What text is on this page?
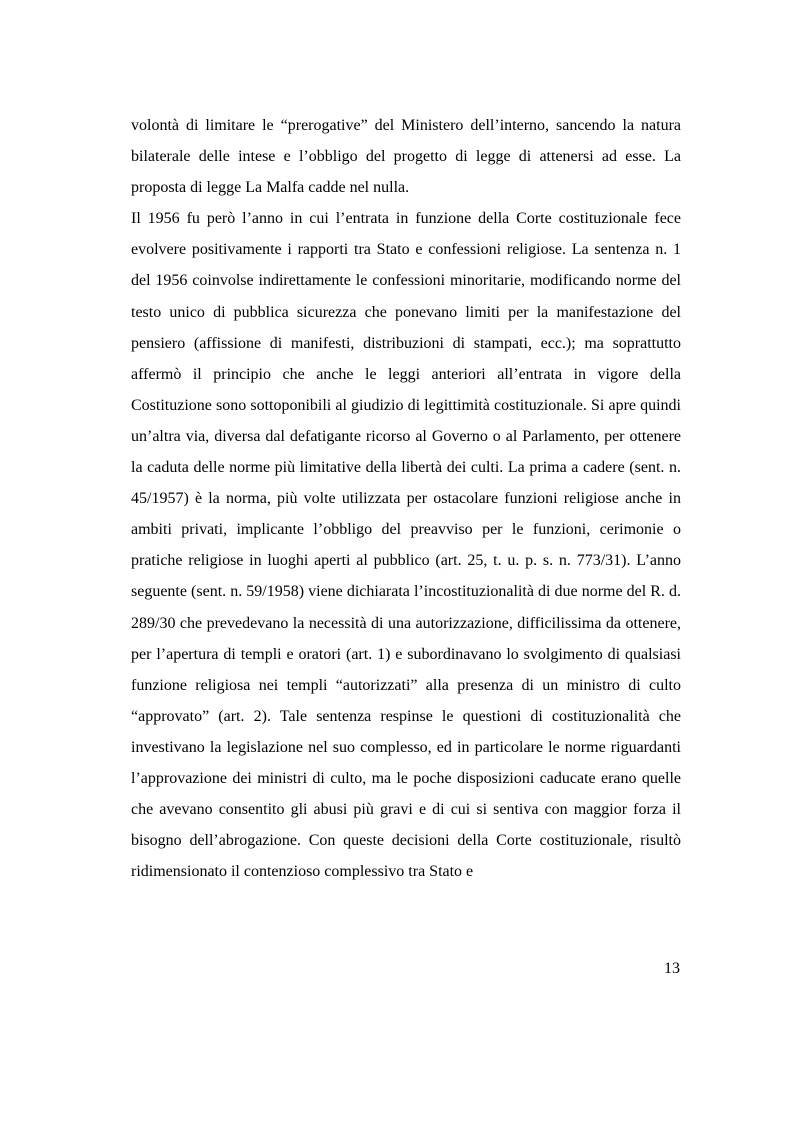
volontà di limitare le “prerogative” del Ministero dell’interno, sancendo la natura bilaterale delle intese e l’obbligo del progetto di legge di attenersi ad esse. La proposta di legge La Malfa cadde nel nulla.

Il 1956 fu però l’anno in cui l’entrata in funzione della Corte costituzionale fece evolvere positivamente i rapporti tra Stato e confessioni religiose. La sentenza n. 1 del 1956 coinvolse indirettamente le confessioni minoritarie, modificando norme del testo unico di pubblica sicurezza che ponevano limiti per la manifestazione del pensiero (affissione di manifesti, distribuzioni di stampati, ecc.); ma soprattutto affermò il principio che anche le leggi anteriori all’entrata in vigore della Costituzione sono sottoponibili al giudizio di legittimità costituzionale. Si apre quindi un’altra via, diversa dal defatigante ricorso al Governo o al Parlamento, per ottenere la caduta delle norme più limitative della libertà dei culti. La prima a cadere (sent. n. 45/1957) è la norma, più volte utilizzata per ostacolare funzioni religiose anche in ambiti privati, implicante l’obbligo del preavviso per le funzioni, cerimonie o pratiche religiose in luoghi aperti al pubblico (art. 25, t. u. p. s. n. 773/31). L’anno seguente (sent. n. 59/1958) viene dichiarata l’incostituzionalità di due norme del R. d. 289/30 che prevedevano la necessità di una autorizzazione, difficilissima da ottenere, per l’apertura di templi e oratori (art. 1) e subordinavano lo svolgimento di qualsiasi funzione religiosa nei templi “autorizzati” alla presenza di un ministro di culto “approvato” (art. 2). Tale sentenza respinse le questioni di costituzionalità che investivano la legislazione nel suo complesso, ed in particolare le norme riguardanti l’approvazione dei ministri di culto, ma le poche disposizioni caducate erano quelle che avevano consentito gli abusi più gravi e di cui si sentiva con maggior forza il bisogno dell’abrogazione. Con queste decisioni della Corte costituzionale, risultò ridimensionato il contenzioso complessivo tra Stato e

13
